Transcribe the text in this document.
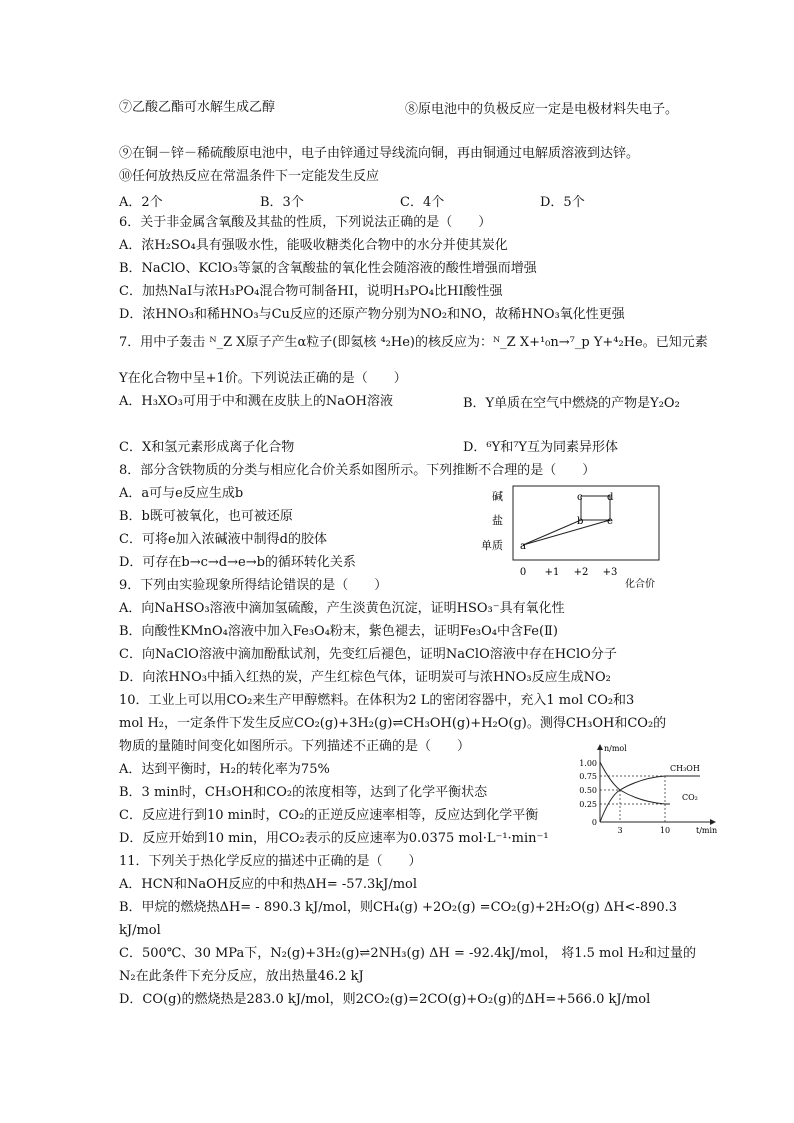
⑦乙酸乙酯可水解生成乙醇	⑧原电池中的负极反应一定是电极材料失电子。
⑨在铜－锌－稀硫酸原电池中，电子由锌通过导线流向铜，再由铜通过电解质溶液到达锌。
⑩任何放热反应在常温条件下一定能发生反应
A．2个	B．3个	C．4个	D．5个
6．关于非金属含氧酸及其盐的性质，下列说法正确的是（　　）
A．浓H₂SO₄具有强吸水性，能吸收糖类化合物中的水分并使其炭化
B．NaClO、KClO₃等氯的含氧酸盐的氧化性会随溶液的酸性增强而增强
C．加热NaI与浓H₃PO₄混合物可制备HI，说明H₃PO₄比HI酸性强
D．浓HNO₃和稀HNO₃与Cu反应的还原产物分别为NO₂和NO，故稀HNO₃氧化性更强
7．用中子轰击 ᴺ_Z X原子产生α粒子(即氦核 ⁴₂He)的核反应为：ᴺ_Z X+¹₀n→⁷_p Y+⁴₂He。已知元素
Y在化合物中呈+1价。下列说法正确的是（　　）
A．H₃XO₃可用于中和溅在皮肤上的NaOH溶液	B．Y单质在空气中燃烧的产物是Y₂O₂
C．X和氢元素形成离子化合物	D．⁶Y和⁷Y互为同素异形体
8．部分含铁物质的分类与相应化合价关系如图所示。下列推断不合理的是（　　）
A．a可与e反应生成b
B．b既可被氧化，也可被还原
C．可将e加入浓碱液中制得d的胶体
D．可存在b→c→d→e→b的循环转化关系
碱
盐
单质 a
b
c d
e
0 +1 +2 +3
化合价
9．下列由实验现象所得结论错误的是（　　）
A．向NaHSO₃溶液中滴加氢硫酸，产生淡黄色沉淀，证明HSO₃⁻具有氧化性
B．向酸性KMnO₄溶液中加入Fe₃O₄粉末，紫色褪去，证明Fe₃O₄中含Fe(Ⅱ)
C．向NaClO溶液中滴加酚酞试剂，先变红后褪色，证明NaClO溶液中存在HClO分子
D．向浓HNO₃中插入红热的炭，产生红棕色气体，证明炭可与浓HNO₃反应生成NO₂
10．工业上可以用CO₂来生产甲醇燃料。在体积为2 L的密闭容器中，充入1 mol CO₂和3
mol H₂，一定条件下发生反应CO₂(g)+3H₂(g)⇌CH₃OH(g)+H₂O(g)。测得CH₃OH和CO₂的
物质的量随时间变化如图所示。下列描述不正确的是（　　）
A．达到平衡时，H₂的转化率为75%
B．3 min时，CH₃OH和CO₂的浓度相等，达到了化学平衡状态
C．反应进行到10 min时，CO₂的正逆反应速率相等，反应达到化学平衡
D．反应开始到10 min，用CO₂表示的反应速率为0.0375 mol·L⁻¹·min⁻¹
n/mol
1.00
0.75
0.50
0.25
0
CH₃OH
CO₂
3	10	t/min
11．下列关于热化学反应的描述中正确的是（　　）
A．HCN和NaOH反应的中和热ΔH= -57.3kJ/mol
B．甲烷的燃烧热ΔH= - 890.3 kJ/mol，则CH₄(g) +2O₂(g) =CO₂(g)+2H₂O(g) ΔH<-890.3
kJ/mol
C．500℃、30 MPa下，N₂(g)+3H₂(g)⇌2NH₃(g) ΔH = -92.4kJ/mol， 将1.5 mol H₂和过量的
N₂在此条件下充分反应，放出热量46.2 kJ
D．CO(g)的燃烧热是283.0 kJ/mol，则2CO₂(g)=2CO(g)+O₂(g)的ΔH=+566.0 kJ/mol
